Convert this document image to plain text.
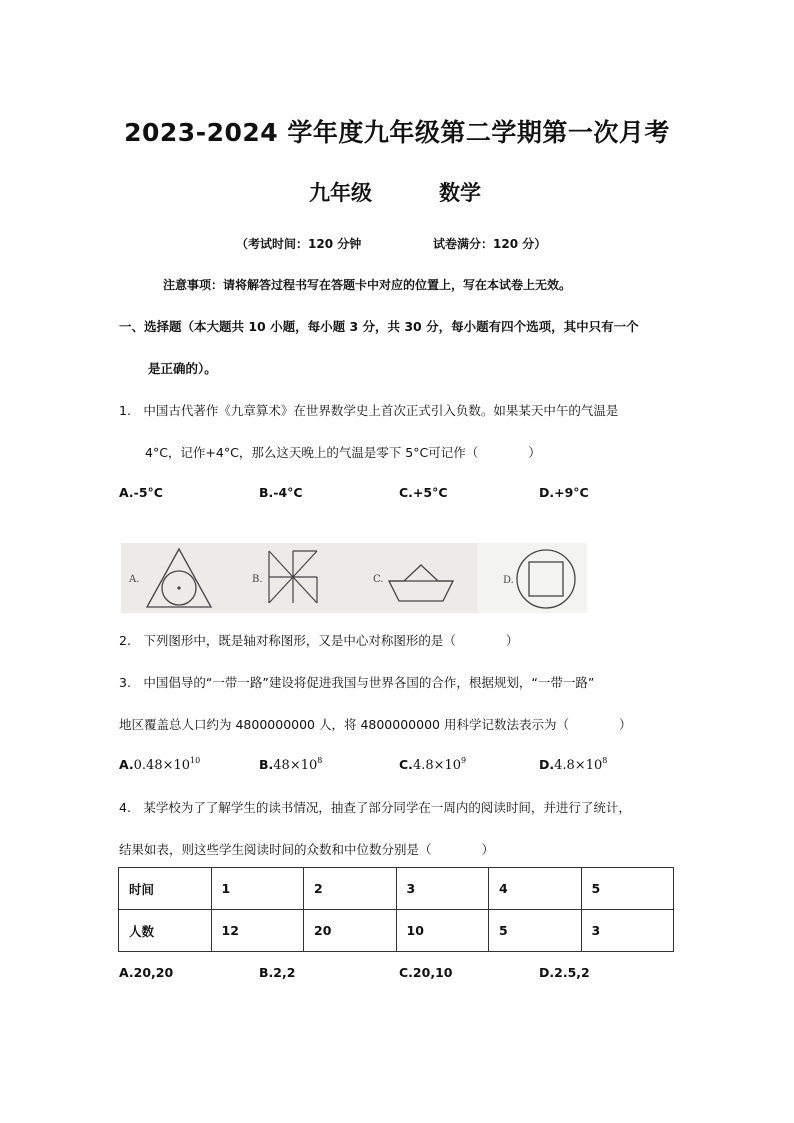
2023-2024 学年度九年级第二学期第一次月考
九年级	数学
（考试时间：120 分钟	试卷满分：120 分）
注意事项：请将解答过程书写在答题卡中对应的位置上，写在本试卷上无效。
一、选择题（本大题共 10 小题，每小题 3 分，共 30 分，每小题有四个选项，其中只有一个
是正确的）。
1. 中国古代著作《九章算术》在世界数学史上首次正式引入负数。如果某天中午的气温是
4°C，记作+4°C，那么这天晚上的气温是零下 5°C可记作（    ）
A.-5°C	B.-4°C	C.+5°C	D.+9°C
A.	B.	C.	D.
2. 下列图形中，既是轴对称图形，又是中心对称图形的是（    ）
3. 中国倡导的“一带一路”建设将促进我国与世界各国的合作，根据规划，“一带一路”
地区覆盖总人口约为 4800000000 人，将 4800000000 用科学记数法表示为（    ）
$A.0.48\times 10^{10}$	$B.48\times 10^8$	$C.4.8\times 10^9$	$D.4.8\times 10^8$
4. 某学校为了了解学生的读书情况，抽查了部分同学在一周内的阅读时间，并进行了统计，
结果如表，则这些学生阅读时间的众数和中位数分别是（    ）
时间	1	2	3	4	5
人数	12	20	10	5	3
A.20,20	B.2,2	C.20,10	D.2.5,2
